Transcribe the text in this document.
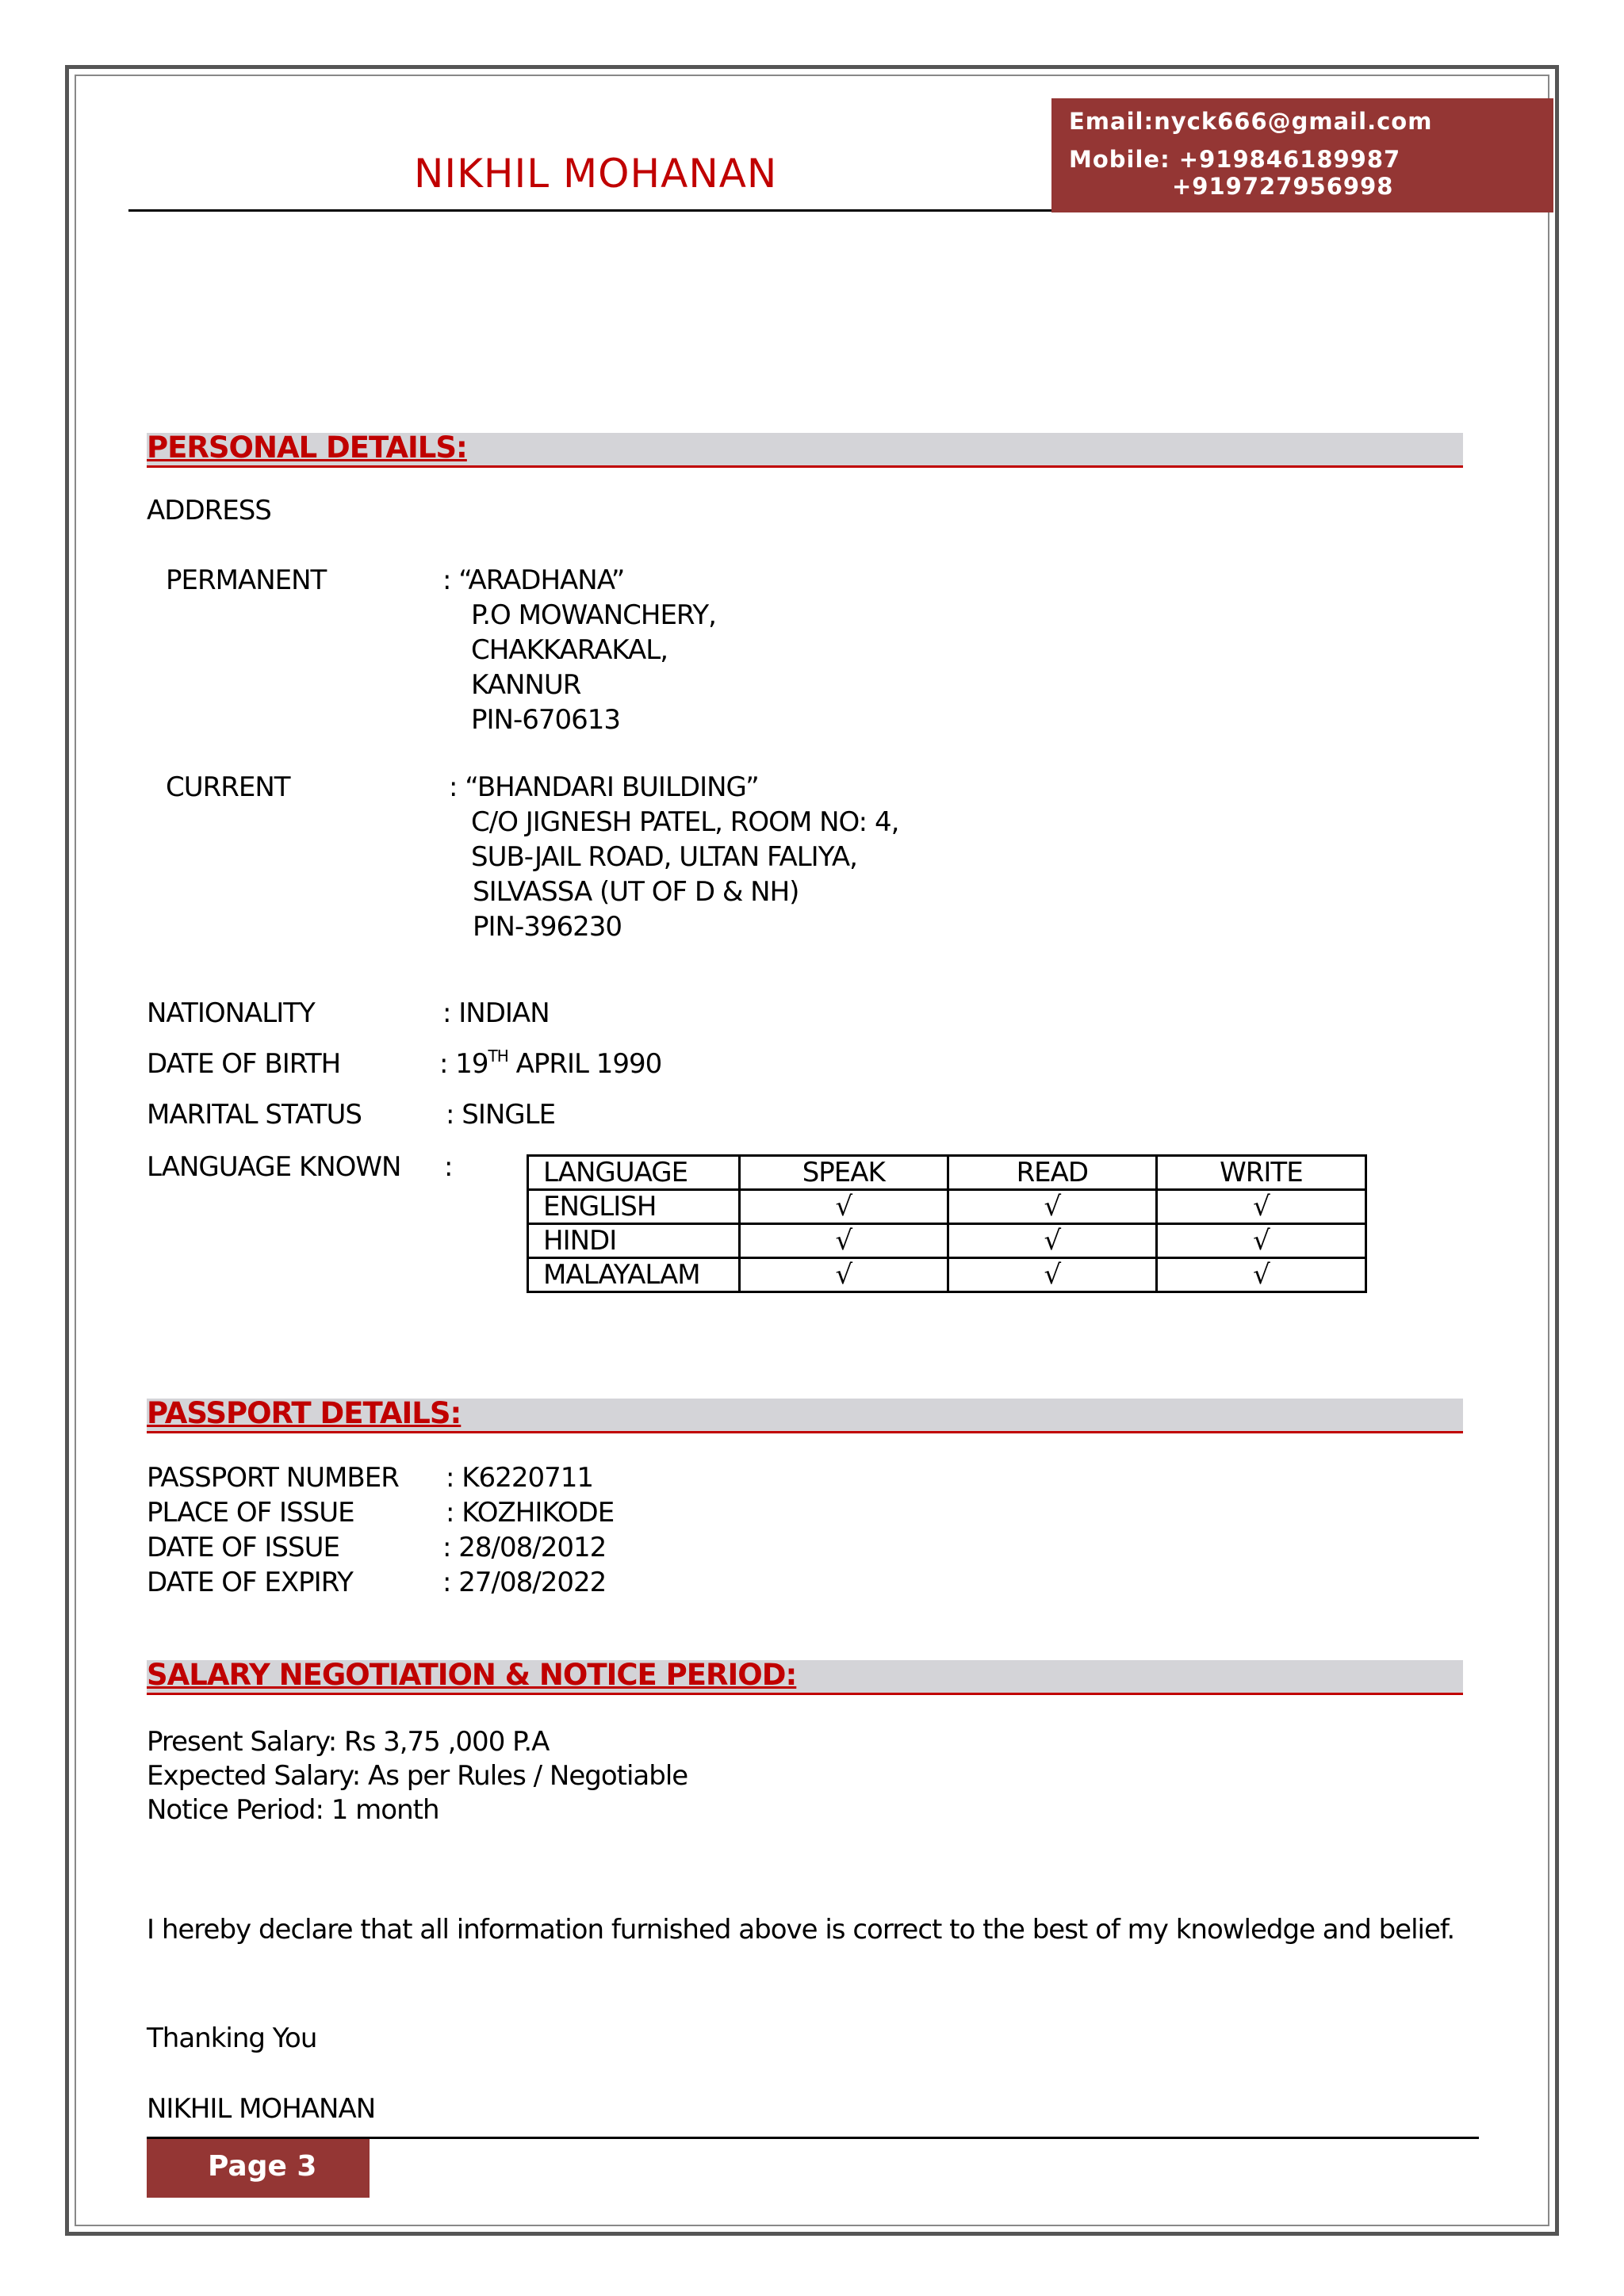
NIKHIL MOHANAN
Email:nyck666@gmail.com
Mobile: +919846189987
+919727956998
PERSONAL DETAILS:
ADDRESS
PERMANENT	: “ARADHANA”
P.O MOWANCHERY,
CHAKKARAKAL,
KANNUR
PIN-670613
CURRENT	: “BHANDARI BUILDING”
C/O JIGNESH PATEL, ROOM NO: 4,
SUB-JAIL ROAD, ULTAN FALIYA,
SILVASSA (UT OF D & NH)
PIN-396230
NATIONALITY	: INDIAN
DATE OF BIRTH	: 19TH APRIL 1990
MARITAL STATUS	: SINGLE
LANGUAGE KNOWN :	LANGUAGE	SPEAK	READ	WRITE
ENGLISH	√	√	√
HINDI	√	√	√
MALAYALAM	√	√	√
PASSPORT DETAILS:
PASSPORT NUMBER : K6220711
PLACE OF ISSUE	: KOZHIKODE
DATE OF ISSUE	: 28/08/2012
DATE OF EXPIRY	: 27/08/2022
SALARY NEGOTIATION & NOTICE PERIOD:
Present Salary: Rs 3,75 ,000 P.A
Expected Salary: As per Rules / Negotiable
Notice Period: 1 month
I hereby declare that all information furnished above is correct to the best of my knowledge and belief.
Thanking You
NIKHIL MOHANAN
Page 3
